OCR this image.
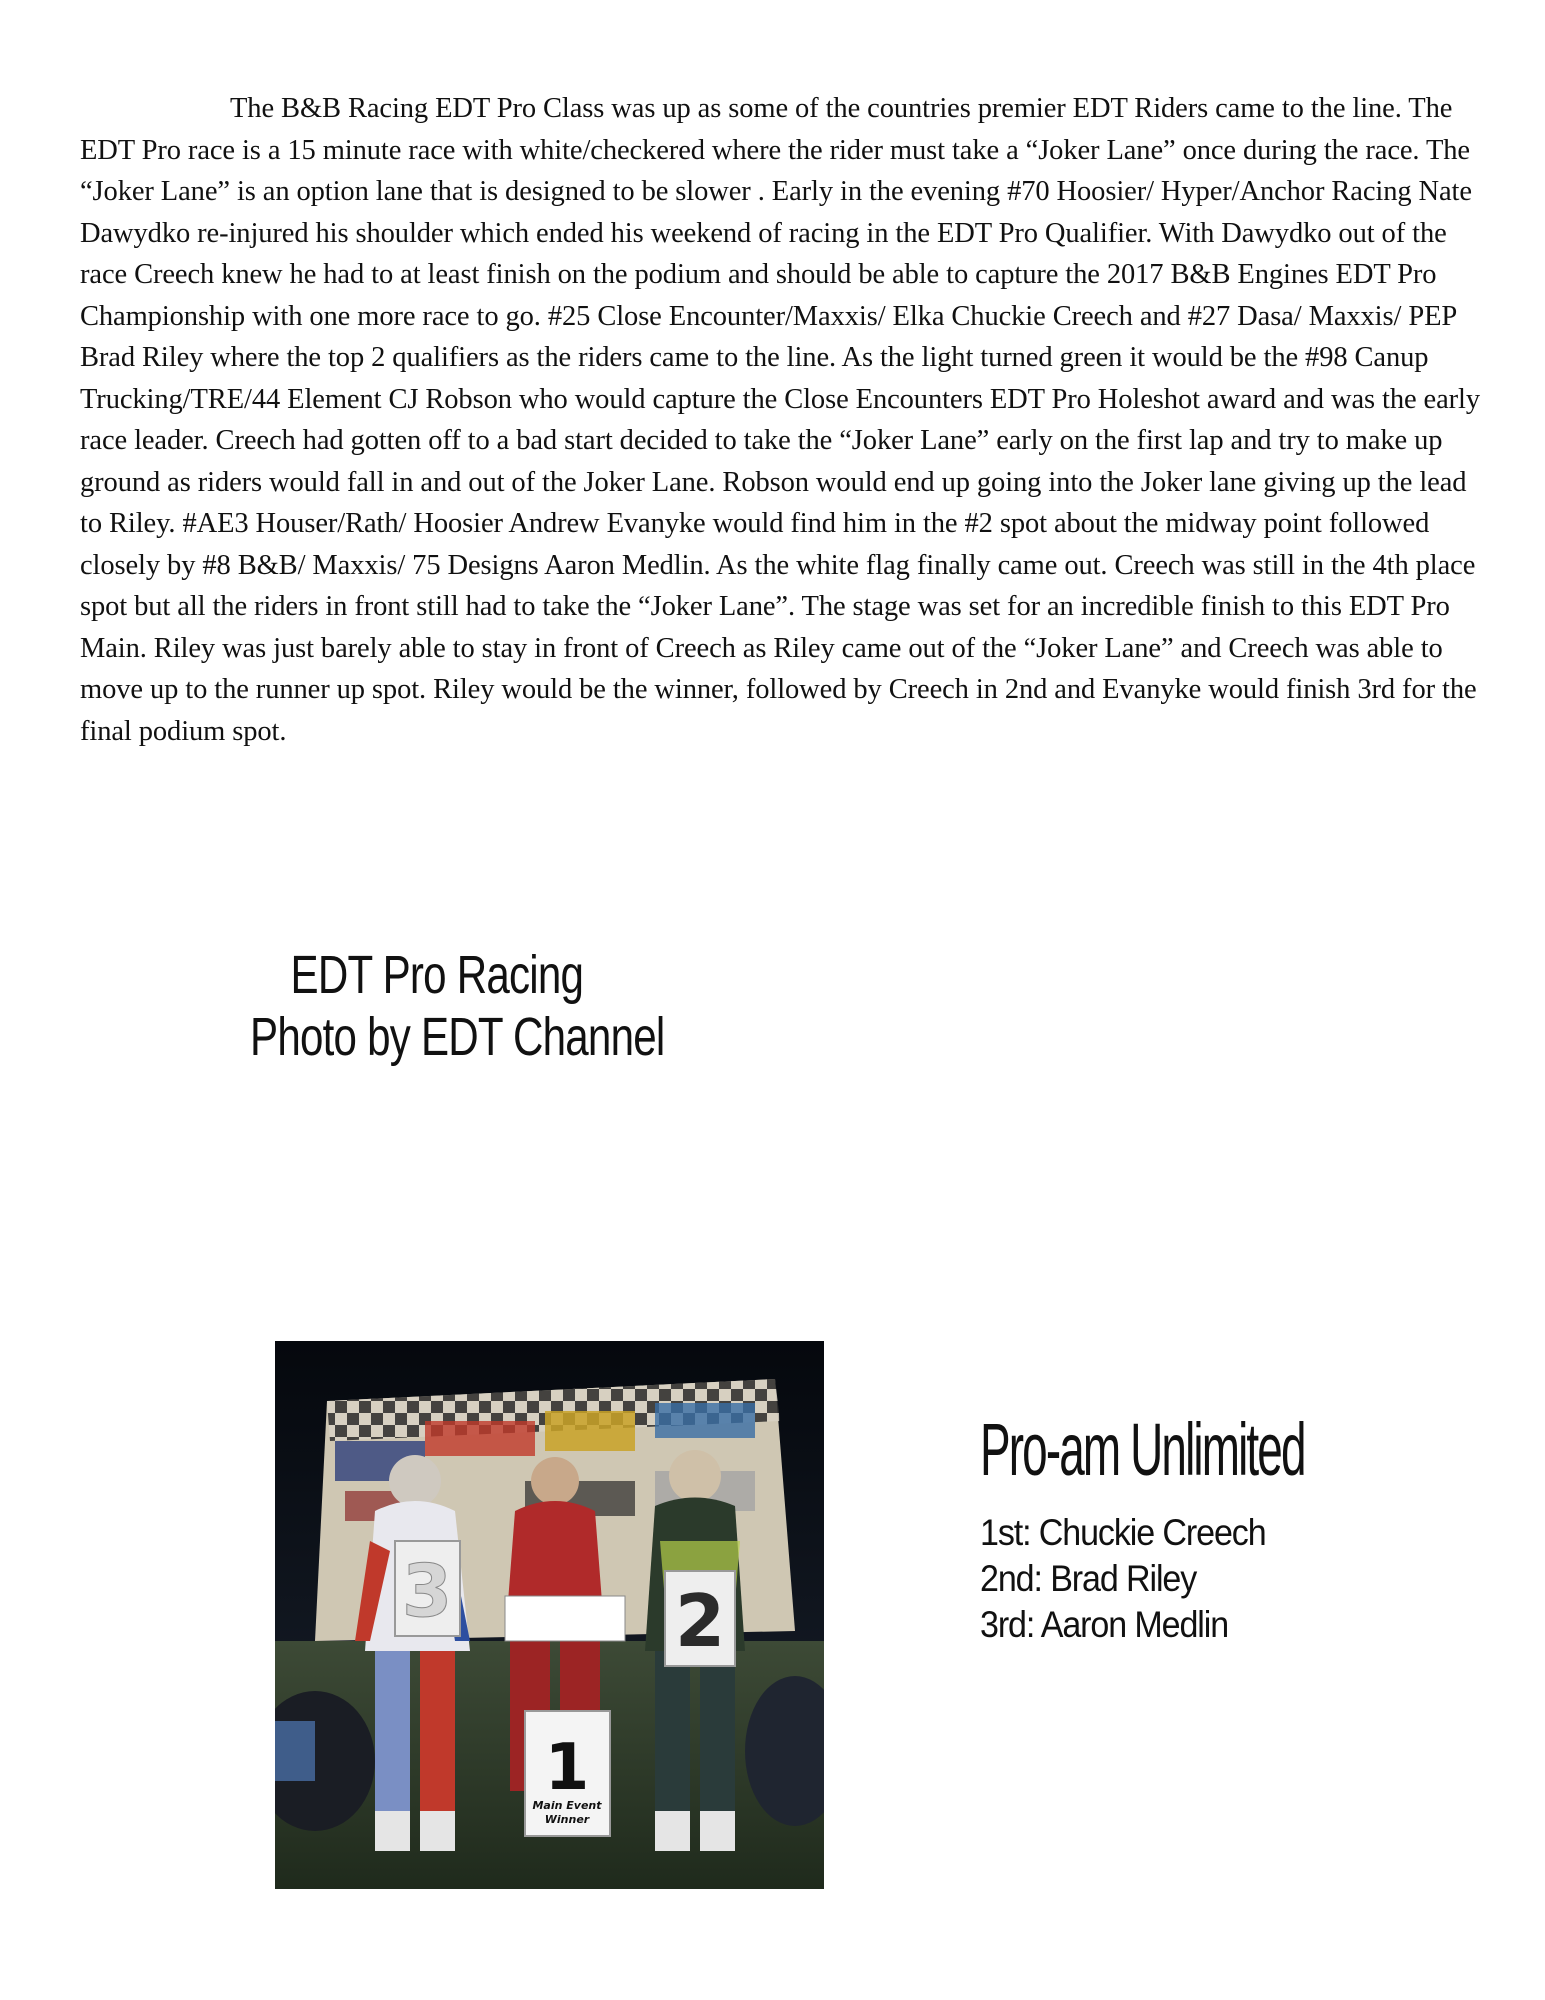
The B&B Racing EDT Pro Class was up as some of the countries premier EDT Riders came to the line. The EDT Pro race is a 15 minute race with white/checkered where the rider must take a “Joker Lane” once during the race. The “Joker Lane” is an option lane that is designed to be slower . Early in the evening #70 Hoosier/ Hyper/Anchor Racing Nate Dawydko re-injured his shoulder which ended his weekend of racing in the EDT Pro Qualifier. With Dawydko out of the race Creech knew he had to at least finish on the podium and should be able to capture the 2017 B&B Engines EDT Pro Championship with one more race to go. #25 Close Encounter/Maxxis/ Elka Chuckie Creech and #27 Dasa/ Maxxis/ PEP Brad Riley where the top 2 qualifiers as the riders came to the line. As the light turned green it would be the #98 Canup Trucking/TRE/44 Element CJ Robson who would capture the Close Encounters EDT Pro Holeshot award and was the early race leader. Creech had gotten off to a bad start decided to take the “Joker Lane” early on the first lap and try to make up ground as riders would fall in and out of the Joker Lane. Robson would end up going into the Joker lane giving up the lead to Riley. #AE3 Houser/Rath/ Hoosier Andrew Evanyke would find him in the #2 spot about the midway point followed closely by #8 B&B/ Maxxis/ 75 Designs Aaron Medlin. As the white flag finally came out. Creech was still in the 4th place spot but all the riders in front still had to take the “Joker Lane”. The stage was set for an incredible finish to this EDT Pro Main. Riley was just barely able to stay in front of Creech as Riley came out of the “Joker Lane” and Creech was able to move up to the runner up spot. Riley would be the winner, followed by Creech in 2nd and Evanyke would finish 3rd for the final podium spot.

EDT Pro Racing
Photo by EDT Channel
3	2
1
Main Event
Winner
Pro-am Unlimited
1st: Chuckie Creech
2nd: Brad Riley
3rd: Aaron Medlin
